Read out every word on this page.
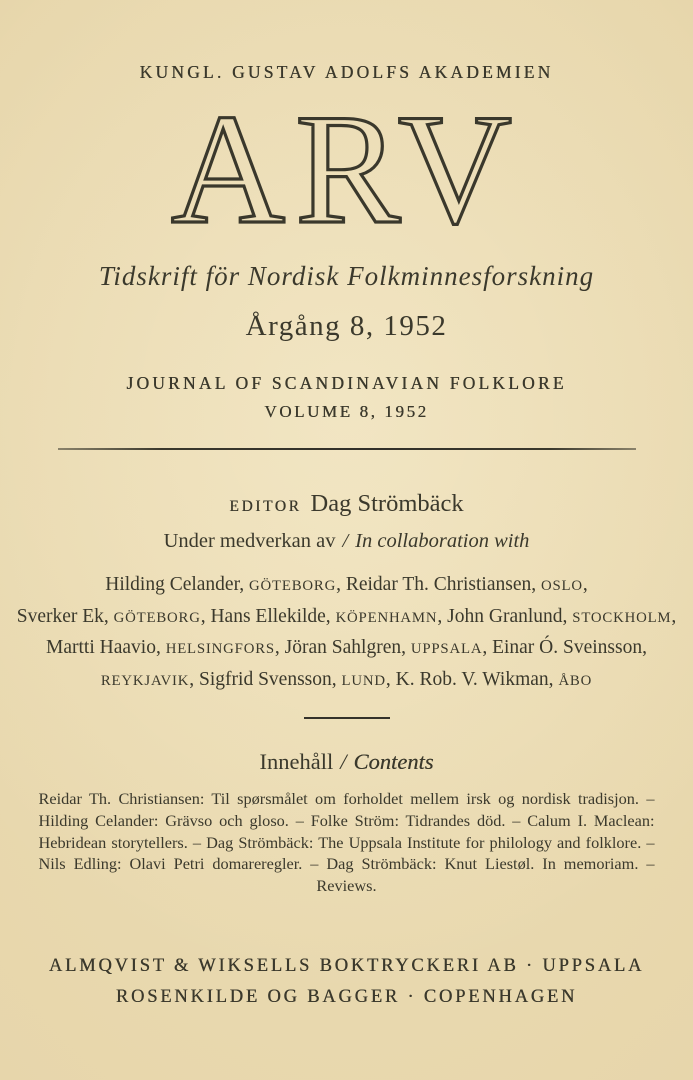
KUNGL. GUSTAV ADOLFS AKADEMIEN
ARV
Tidskrift för Nordisk Folkminnesforskning
Årgång 8, 1952
JOURNAL OF SCANDINAVIAN FOLKLORE
VOLUME 8, 1952
EDITOR Dag Strömbäck
Under medverkan av / In collaboration with
Hilding Celander, GÖTEBORG, Reidar Th. Christiansen, OSLO,
Sverker Ek, GÖTEBORG, Hans Ellekilde, KÖPENHAMN, John Granlund, STOCKHOLM,
Martti Haavio, HELSINGFORS, Jöran Sahlgren, UPPSALA, Einar Ó. Sveinsson,
REYKJAVIK, Sigfrid Svensson, LUND, K. Rob. V. Wikman, ÅBO
Innehåll / Contents
Reidar Th. Christiansen: Til spørsmålet om forholdet mellem irsk og nordisk tradisjon. –
Hilding Celander: Grävso och gloso. – Folke Ström: Tidrandes död. – Calum I. Maclean:
Hebridean storytellers. – Dag Strömbäck: The Uppsala Institute for philology and folklore. –
Nils Edling: Olavi Petri domareregler. – Dag Strömbäck: Knut Liestøl. In memoriam. –
Reviews.
ALMQVIST & WIKSELLS BOKTRYCKERI AB · UPPSALA
ROSENKILDE OG BAGGER · COPENHAGEN
